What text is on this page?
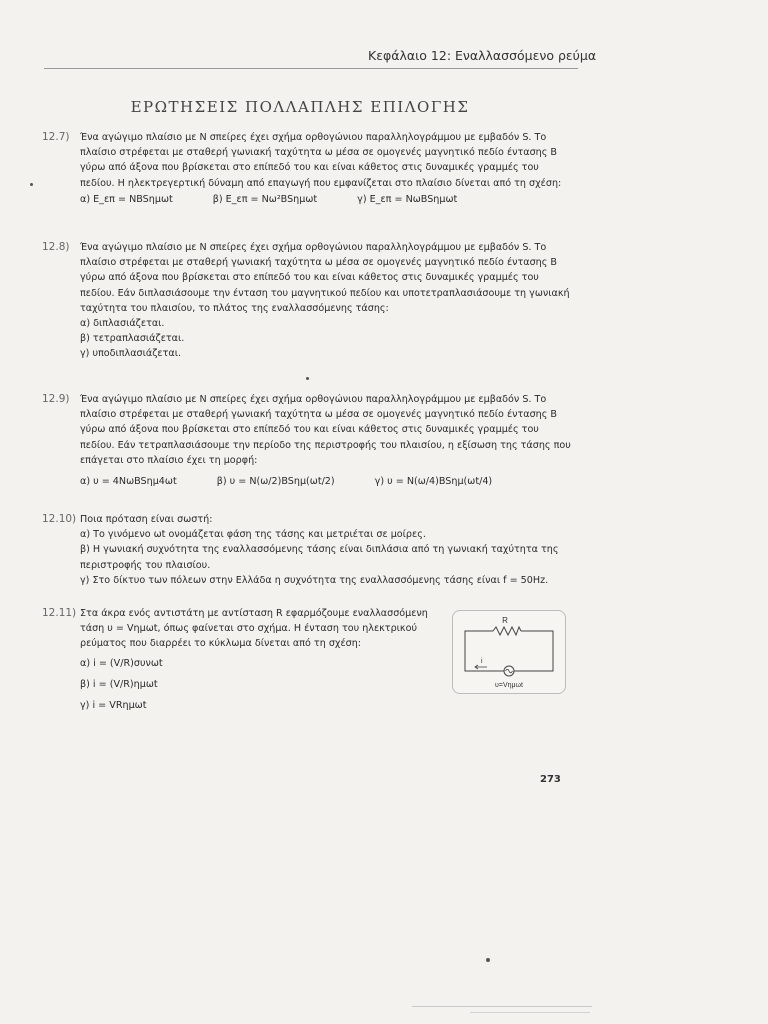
Κεφάλαιο 12: Εναλλασσόμενο ρεύμα
ΕΡΩΤΗΣΕΙΣ ΠΟΛΛΑΠΛΗΣ ΕΠΙΛΟΓΗΣ
12.7) Ένα αγώγιμο πλαίσιο με N σπείρες έχει σχήμα ορθογώνιου παραλληλογράμμου με εμβαδόν S. Το πλαίσιο στρέφεται με σταθερή γωνιακή ταχύτητα ω μέσα σε ομογενές μαγνητικό πεδίο έντασης B γύρω από άξονα που βρίσκεται στο επίπεδό του και είναι κάθετος στις δυναμικές γραμμές του πεδίου. Η ηλεκτρεγερτική δύναμη από επαγωγή που εμφανίζεται στο πλαίσιο δίνεται από τη σχέση:

α) Ε_επ = NBSημωt	β) Ε_επ = Nω²BSημωt	γ) Ε_επ = NωBSημωt
12.8) Ένα αγώγιμο πλαίσιο με N σπείρες έχει σχήμα ορθογώνιου παραλληλογράμμου με εμβαδόν S. Το πλαίσιο στρέφεται με σταθερή γωνιακή ταχύτητα ω μέσα σε ομογενές μαγνητικό πεδίο έντασης B γύρω από άξονα που βρίσκεται στο επίπεδό του και είναι κάθετος στις δυναμικές γραμμές του πεδίου. Εάν διπλασιάσουμε την ένταση του μαγνητικού πεδίου και υποτετραπλασιάσουμε τη γωνιακή ταχύτητα του πλαισίου, το πλάτος της εναλλασσόμενης τάσης:

α) διπλασιάζεται.

β) τετραπλασιάζεται.

γ) υποδιπλασιάζεται.

12.9) Ένα αγώγιμο πλαίσιο με N σπείρες έχει σχήμα ορθογώνιου παραλληλογράμμου με εμβαδόν S. Το πλαίσιο στρέφεται με σταθερή γωνιακή ταχύτητα ω μέσα σε ομογενές μαγνητικό πεδίο έντασης B γύρω από άξονα που βρίσκεται στο επίπεδό του και είναι κάθετος στις δυναμικές γραμμές του πεδίου. Εάν τετραπλασιάσουμε την περίοδο της περιστροφής του πλαισίου, η εξίσωση της τάσης που επάγεται στο πλαίσιο έχει τη μορφή:

α) υ = 4NωBSημ4ωt	β) υ = N(ω/2)BSημ(ωt/2)	γ) υ = N(ω/4)BSημ(ωt/4)
12.10) Ποια πρόταση είναι σωστή:

α) Το γινόμενο ωt ονομάζεται φάση της τάσης και μετριέται σε μοίρες.

β) Η γωνιακή συχνότητα της εναλλασσόμενης τάσης είναι διπλάσια από τη γωνιακή ταχύτητα της περιστροφής του πλαισίου.

γ) Στο δίκτυο των πόλεων στην Ελλάδα η συχνότητα της εναλλασσόμενης τάσης είναι f = 50Hz.

12.11) Στα άκρα ενός αντιστάτη με αντίσταση R εφαρμόζουμε εναλλασσόμενη τάση υ = Vημωt, όπως φαίνεται στο σχήμα. Η ένταση του ηλεκτρικού ρεύματος που διαρρέει το κύκλωμα δίνεται από τη σχέση:

α) i = (V/R)συνωt

β) i = (V/R)ημωt

γ) i = VRημωt

R
i
υ=Vημωt
273
